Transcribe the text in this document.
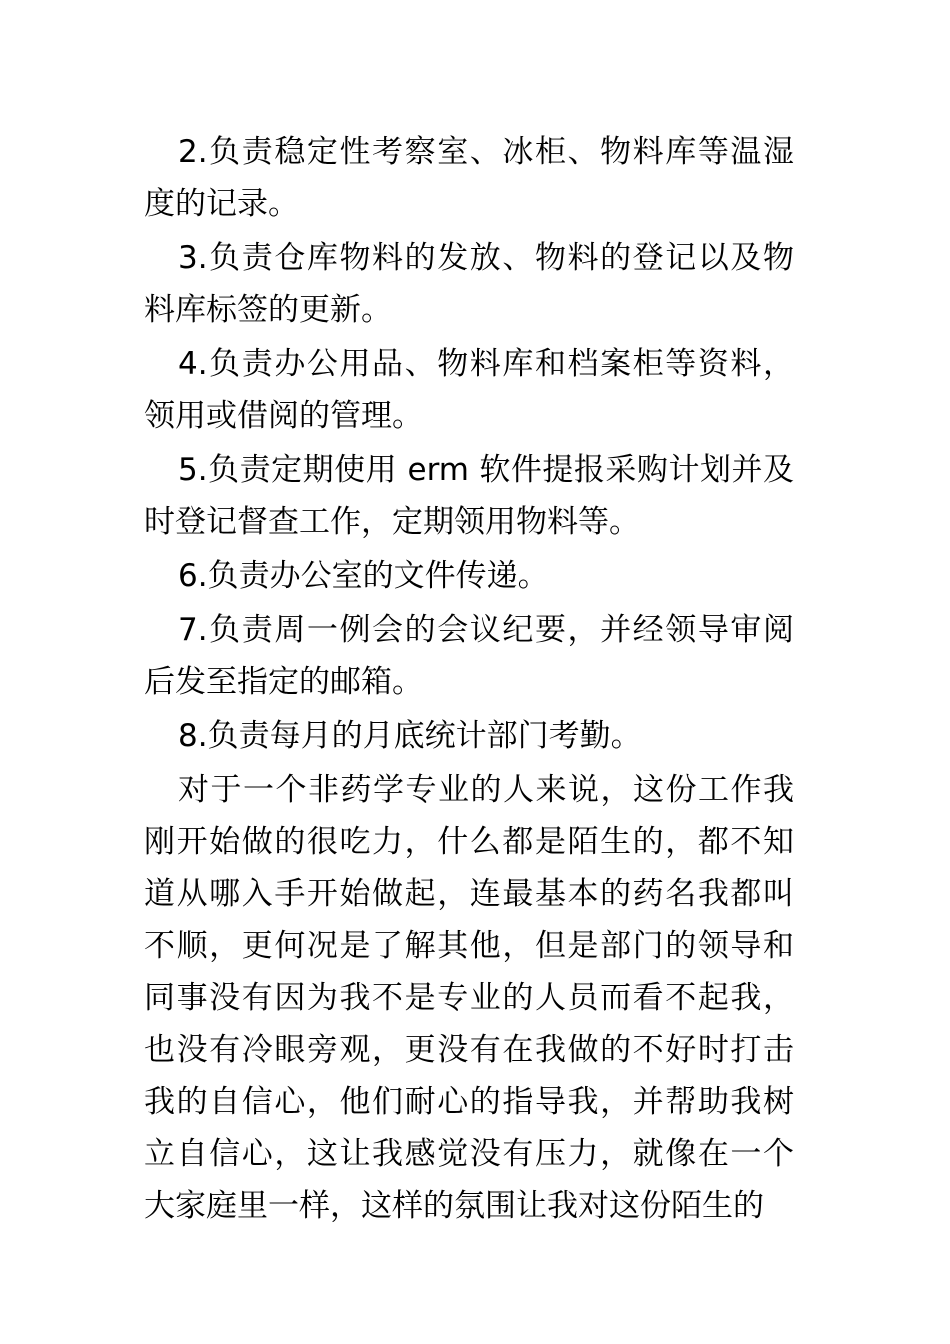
2.负责稳定性考察室、冰柜、物料库等温湿度的记录。

3.负责仓库物料的发放、物料的登记以及物料库标签的更新。

4.负责办公用品、物料库和档案柜等资料，领用或借阅的管理。

5.负责定期使用 erm 软件提报采购计划并及时登记督查工作，定期领用物料等。

6.负责办公室的文件传递。

7.负责周一例会的会议纪要，并经领导审阅后发至指定的邮箱。

8.负责每月的月底统计部门考勤。

对于一个非药学专业的人来说，这份工作我刚开始做的很吃力，什么都是陌生的，都不知道从哪入手开始做起，连最基本的药名我都叫不顺，更何况是了解其他，但是部门的领导和同事没有因为我不是专业的人员而看不起我，也没有冷眼旁观，更没有在我做的不好时打击我的自信心，他们耐心的指导我，并帮助我树立自信心，这让我感觉没有压力，就像在一个大家庭里一样，这样的氛围让我对这份陌生的
